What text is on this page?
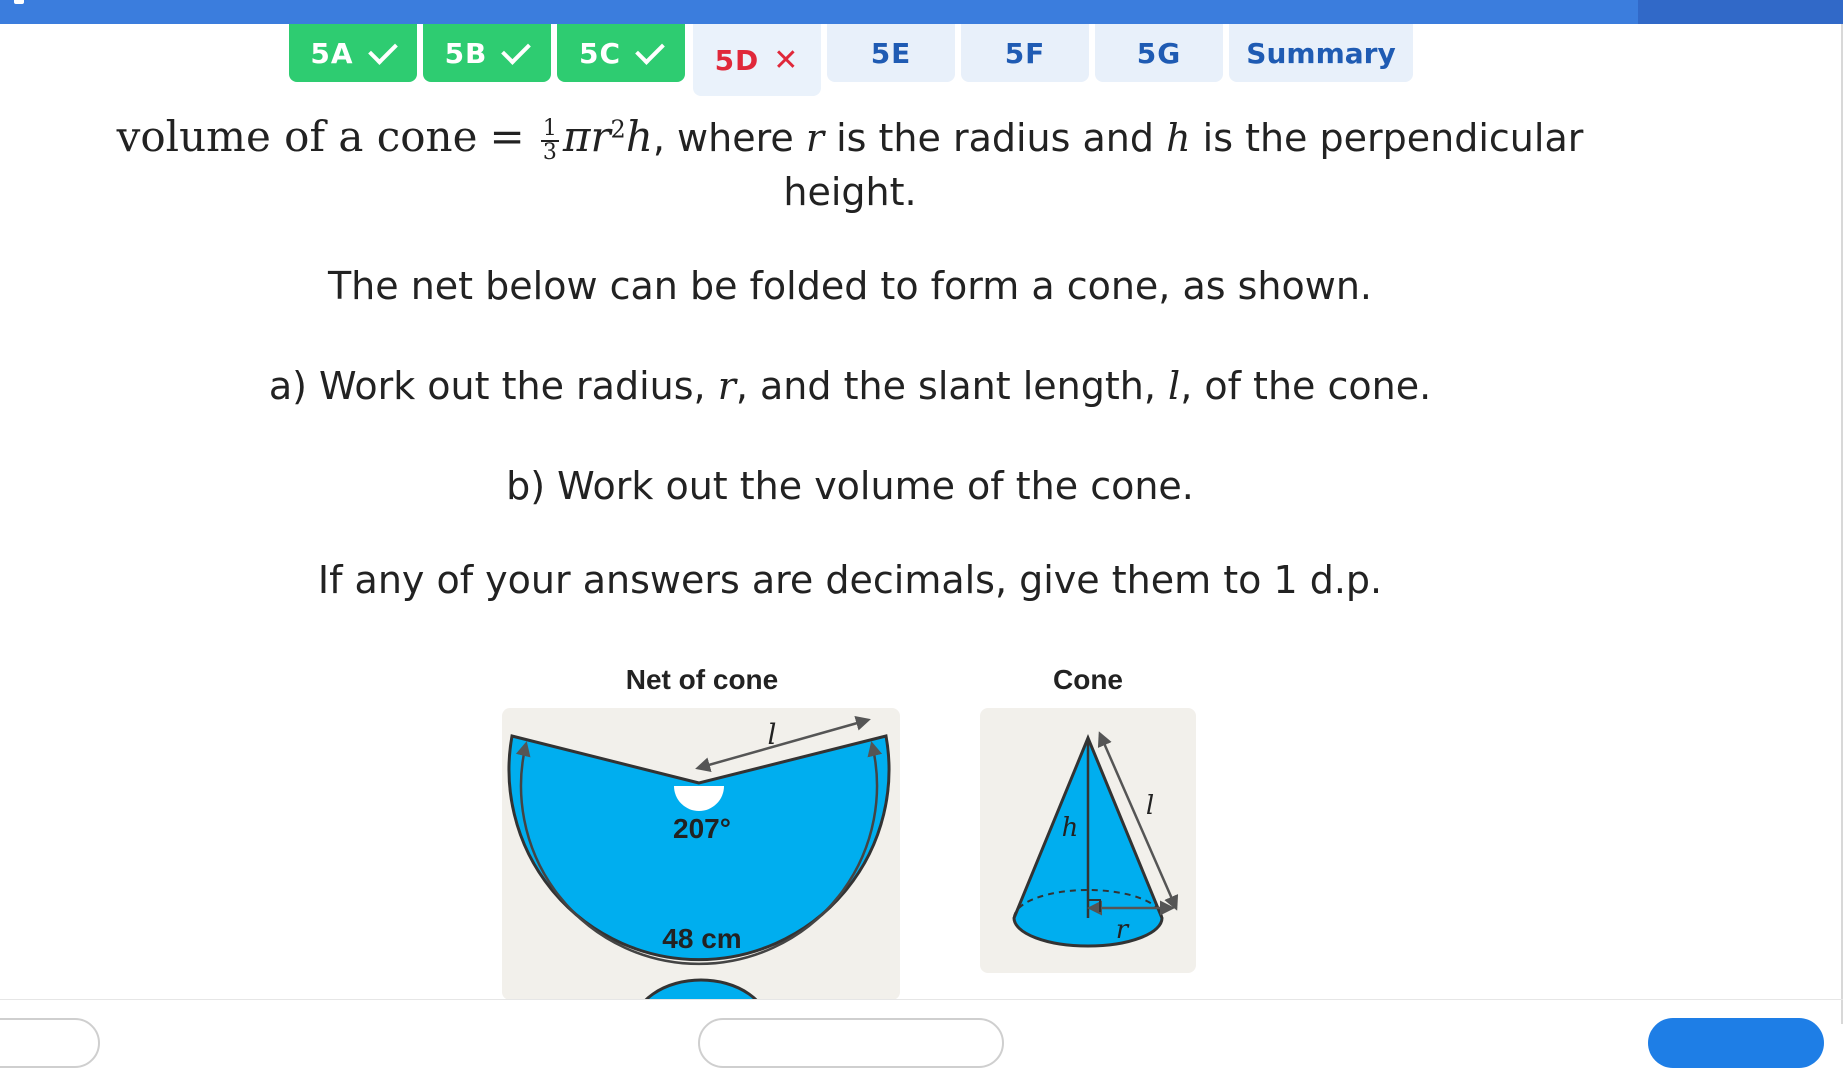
5A	5B	5C	5D ✕	5E	5F	5G Summary
volume of a cone = $\frac{1}{3} \pi r^2h$, where r is the radius and h is the perpendicular
height.
The net below can be folded to form a cone, as shown.
a) Work out the radius, r, and the slant length, l, of the cone.
b) Work out the volume of the cone.
If any of your answers are decimals, give them to 1 d.p.
Net of cone
l
207°
48 cm
Cone
h
l
r
